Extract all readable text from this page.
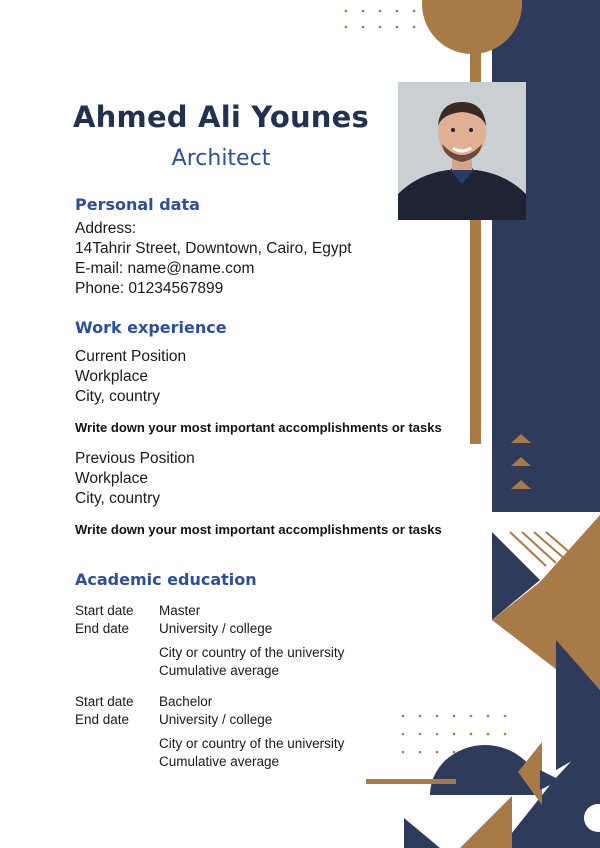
Ahmed Ali Younes
Architect
Personal data
Address:
14Tahrir Street, Downtown, Cairo, Egypt
E-mail: name@name.com
Phone: 01234567899
Work experience
Current Position
Workplace
City, country
Write down your most important accomplishments or tasks
Previous Position
Workplace
City, country
Write down your most important accomplishments or tasks
Academic education
Start date
End date
Master
University / college
City or country of the university
Cumulative average
Start date
End date
Bachelor
University / college
City or country of the university
Cumulative average
